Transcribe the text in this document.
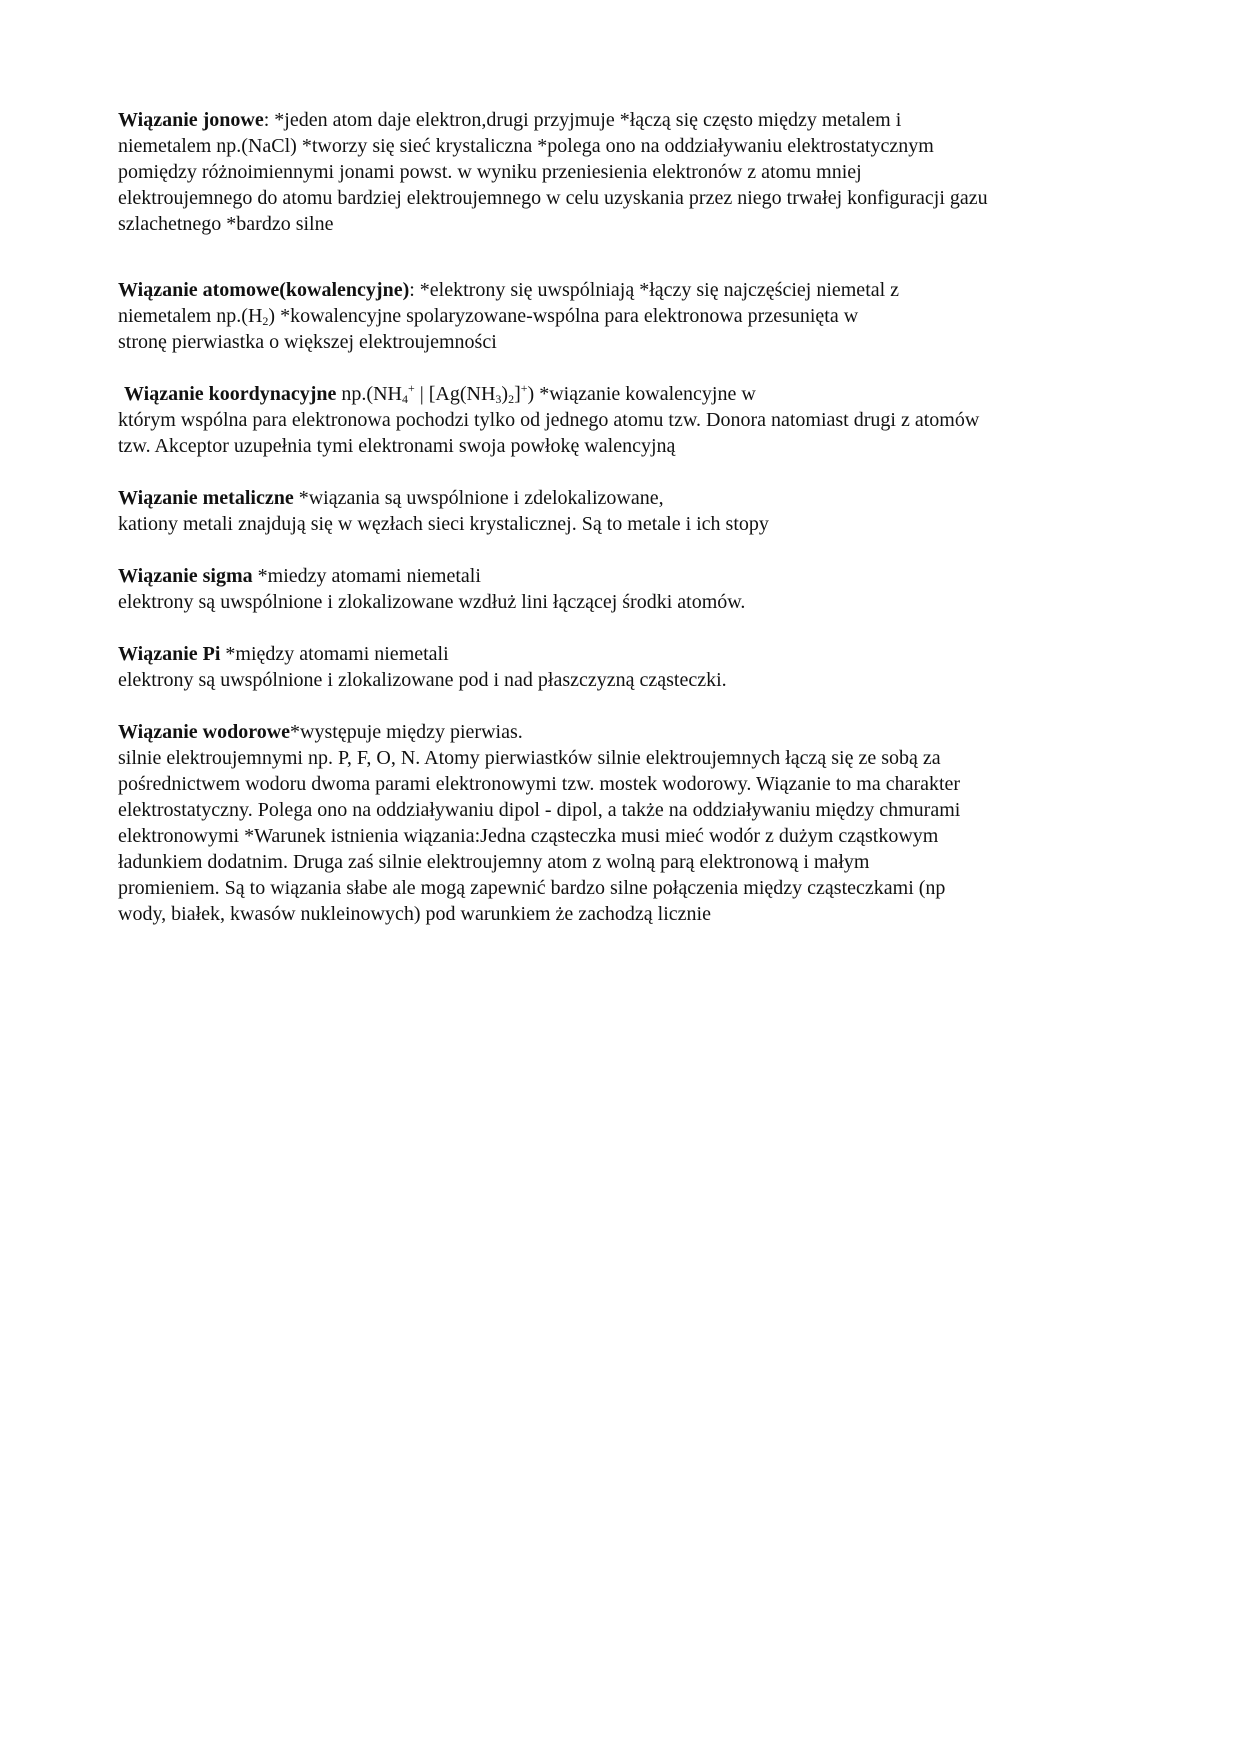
Wiązanie jonowe: *jeden atom daje elektron,drugi przyjmuje *łączą się często między metalem i
niemetalem np.(NaCl) *tworzy się sieć krystaliczna *polega ono na oddziaływaniu elektrostatycznym
pomiędzy różnoimiennymi jonami powst. w wyniku przeniesienia elektronów z atomu mniej
elektroujemnego do atomu bardziej elektroujemnego w celu uzyskania przez niego trwałej konfiguracji gazu
szlachetnego *bardzo silne
Wiązanie atomowe(kowalencyjne): *elektrony się uwspólniają *łączy się najczęściej niemetal z
niemetalem $np.(H_2)$ *kowalencyjne spolaryzowane-wspólna para elektronowa przesunięta w
stronę pierwiastka o większej elektroujemności
Wiązanie koordynacyjne $np.(NH_4^+$ | $[Ag(NH_3)_2]^+$) *wiązanie kowalencyjne w
którym wspólna para elektronowa pochodzi tylko od jednego atomu tzw. Donora natomiast drugi z atomów
tzw. Akceptor uzupełnia tymi elektronami swoja powłokę walencyjną
Wiązanie metaliczne *wiązania są uwspólnione i zdelokalizowane,
kationy metali znajdują się w węzłach sieci krystalicznej. Są to metale i ich stopy
Wiązanie sigma *miedzy atomami niemetali
elektrony są uwspólnione i zlokalizowane wzdłuż lini łączącej środki atomów.
Wiązanie Pi *między atomami niemetali
elektrony są uwspólnione i zlokalizowane pod i nad płaszczyzną cząsteczki.
Wiązanie wodorowe*występuje między pierwias.
silnie elektroujemnymi np. P, F, O, N. Atomy pierwiastków silnie elektroujemnych łączą się ze sobą za
pośrednictwem wodoru dwoma parami elektronowymi tzw. mostek wodorowy. Wiązanie to ma charakter
elektrostatyczny. Polega ono na oddziaływaniu dipol - dipol, a także na oddziaływaniu między chmurami
elektronowymi *Warunek istnienia wiązania:Jedna cząsteczka musi mieć wodór z dużym cząstkowym
ładunkiem dodatnim. Druga zaś silnie elektroujemny atom z wolną parą elektronową i małym
promieniem. Są to wiązania słabe ale mogą zapewnić bardzo silne połączenia między cząsteczkami (np
wody, białek, kwasów nukleinowych) pod warunkiem że zachodzą licznie
